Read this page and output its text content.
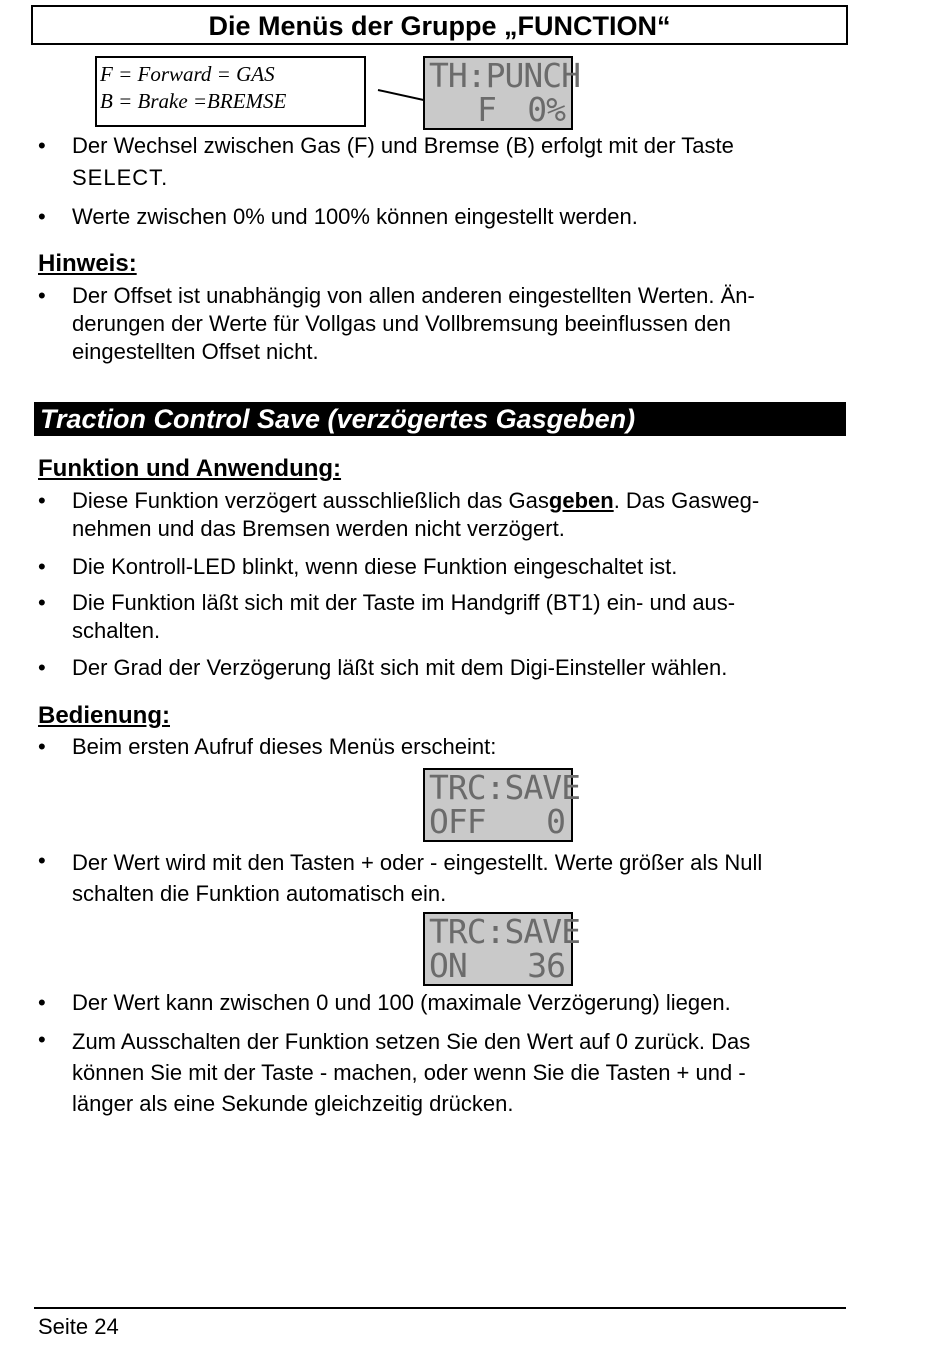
Die Menüs der Gruppe „FUNCTION“
F = Forward = GAS
B = Brake =BREMSE
TH:PUNCH
F 0%
•	Der Wechsel zwischen Gas (F) und Bremse (B) erfolgt mit der Taste
SELECT.
•	Werte zwischen 0% und 100% können eingestellt werden.
Hinweis:
•	Der Offset ist unabhängig von allen anderen eingestellten Werten. Än-
derungen der Werte für Vollgas und Vollbremsung beeinflussen den
eingestellten Offset nicht.
Traction Control Save (verzögertes Gasgeben)
Funktion und Anwendung:
•	Diese Funktion verzögert ausschließlich das Gasgeben. Das Gasweg-
nehmen und das Bremsen werden nicht verzögert.
•	Die Kontroll-LED blinkt, wenn diese Funktion eingeschaltet ist.
•	Die Funktion läßt sich mit der Taste im Handgriff (BT1) ein- und aus-
schalten.
•	Der Grad der Verzögerung läßt sich mit dem Digi-Einsteller wählen.
Bedienung:
•	Beim ersten Aufruf dieses Menüs erscheint:
TRC:SAVE
OFF 0
•	Der Wert wird mit den Tasten + oder - eingestellt. Werte größer als Null
schalten die Funktion automatisch ein.
TRC:SAVE
ON 36
•	Der Wert kann zwischen 0 und 100 (maximale Verzögerung) liegen.
•	Zum Ausschalten der Funktion setzen Sie den Wert auf 0 zurück. Das
können Sie mit der Taste - machen, oder wenn Sie die Tasten + und -
länger als eine Sekunde gleichzeitig drücken.
Seite 24
